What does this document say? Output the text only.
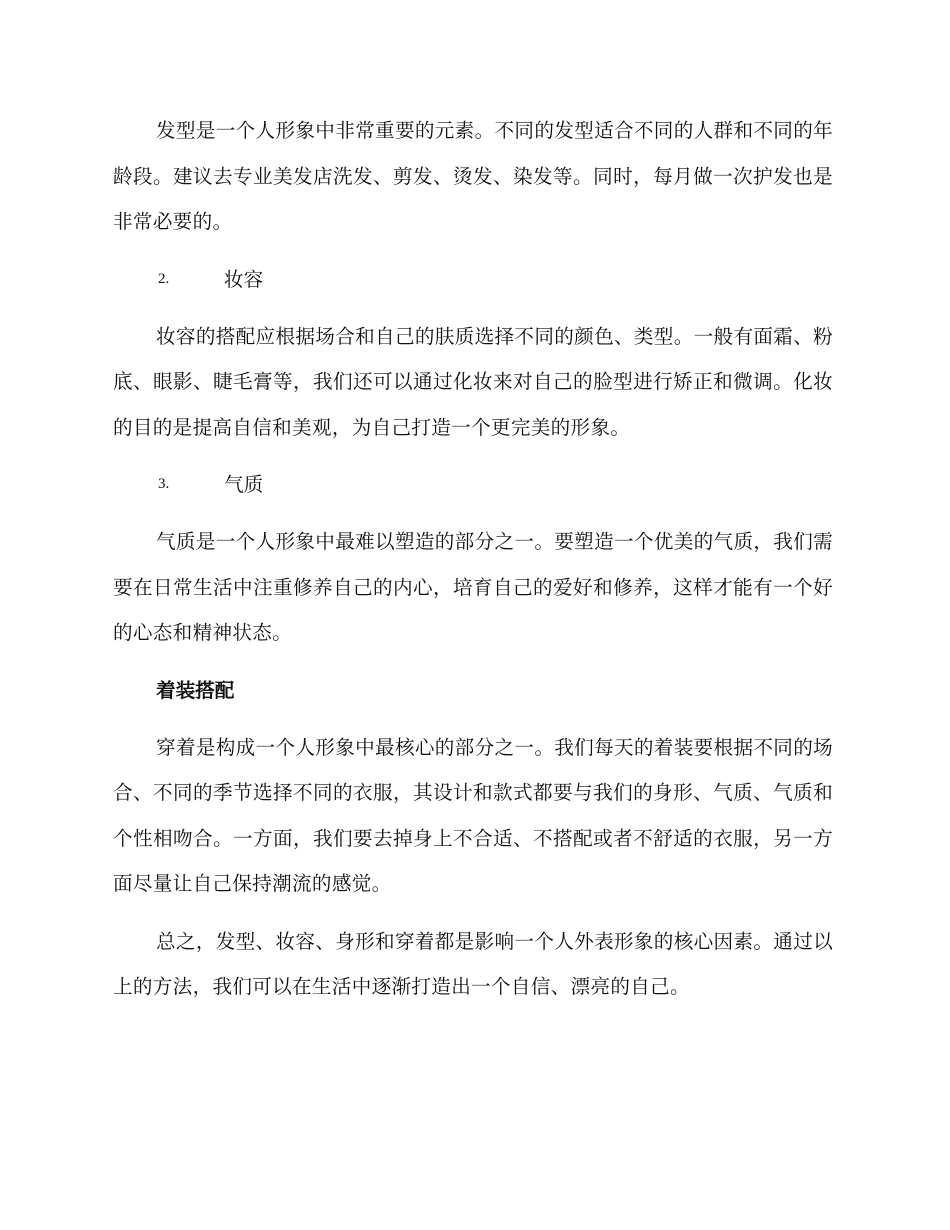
发型是一个人形象中非常重要的元素。不同的发型适合不同的人群和不同的年龄段。建议去专业美发店洗发、剪发、烫发、染发等。同时，每月做一次护发也是非常必要的。

2.	妆容

妆容的搭配应根据场合和自己的肤质选择不同的颜色、类型。一般有面霜、粉底、眼影、睫毛膏等，我们还可以通过化妆来对自己的脸型进行矫正和微调。化妆的目的是提高自信和美观，为自己打造一个更完美的形象。

3.	气质

气质是一个人形象中最难以塑造的部分之一。要塑造一个优美的气质，我们需要在日常生活中注重修养自己的内心，培育自己的爱好和修养，这样才能有一个好的心态和精神状态。

着装搭配

穿着是构成一个人形象中最核心的部分之一。我们每天的着装要根据不同的场合、不同的季节选择不同的衣服，其设计和款式都要与我们的身形、气质、气质和个性相吻合。一方面，我们要去掉身上不合适、不搭配或者不舒适的衣服，另一方面尽量让自己保持潮流的感觉。

总之，发型、妆容、身形和穿着都是影响一个人外表形象的核心因素。通过以上的方法，我们可以在生活中逐渐打造出一个自信、漂亮的自己。
